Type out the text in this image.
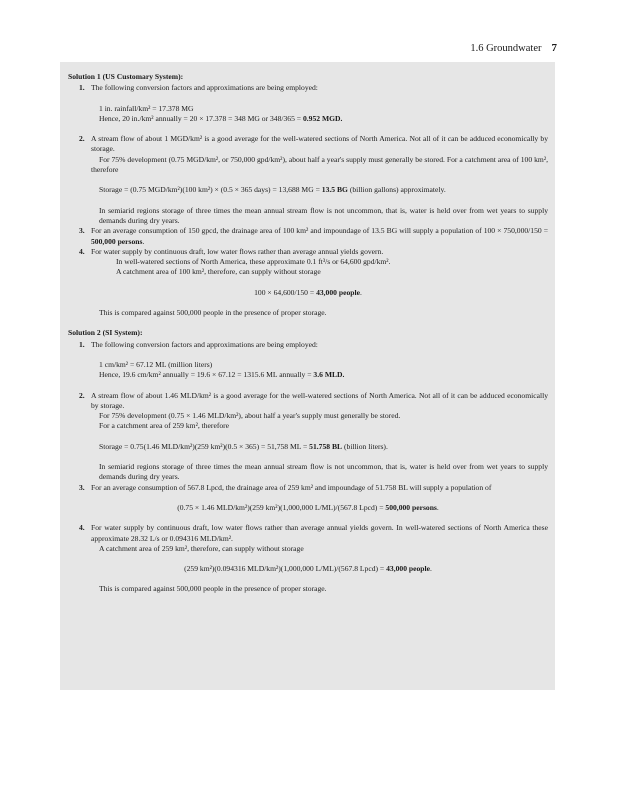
1.6 Groundwater 7

Solution 1 (US Customary System):

1. The following conversion factors and approximations are being employed:

1 in. rainfall/km² = 17.378 MG

Hence, 20 in./km² annually = 20 × 17.378 = 348 MG or 348/365 = 0.952 MGD.

2. A stream flow of about 1 MGD/km² is a good average for the well-watered sections of North America. Not all of it can be adduced economically by storage.

For 75% development (0.75 MGD/km², or 750,000 gpd/km²), about half a year's supply must generally be stored. For a catchment area of 100 km², therefore

Storage = (0.75 MGD/km²)(100 km²) × (0.5 × 365 days) = 13,688 MG = 13.5 BG (billion gallons) approximately.

In semiarid regions storage of three times the mean annual stream flow is not uncommon, that is, water is held over from wet years to supply demands during dry years.

3. For an average consumption of 150 gpcd, the drainage area of 100 km² and impoundage of 13.5 BG will supply a population of 100 × 750,000/150 = 500,000 persons.

4. For water supply by continuous draft, low water flows rather than average annual yields govern.

In well-watered sections of North America, these approximate 0.1 ft³/s or 64,600 gpd/km².

A catchment area of 100 km², therefore, can supply without storage

100 × 64,600/150 = 43,000 people.

This is compared against 500,000 people in the presence of proper storage.

Solution 2 (SI System):

1. The following conversion factors and approximations are being employed:

1 cm/km² = 67.12 ML (million liters)

Hence, 19.6 cm/km² annually = 19.6 × 67.12 = 1315.6 ML annually = 3.6 MLD.

2. A stream flow of about 1.46 MLD/km² is a good average for the well-watered sections of North America. Not all of it can be adduced economically by storage.

For 75% development (0.75 × 1.46 MLD/km²), about half a year's supply must generally be stored.

For a catchment area of 259 km², therefore

Storage = 0.75(1.46 MLD/km²)(259 km²)(0.5 × 365) = 51,758 ML = 51.758 BL (billion liters).

In semiarid regions storage of three times the mean annual stream flow is not uncommon, that is, water is held over from wet years to supply demands during dry years.

3. For an average consumption of 567.8 Lpcd, the drainage area of 259 km² and impoundage of 51.758 BL will supply a population of

(0.75 × 1.46 MLD/km²)(259 km²)(1,000,000 L/ML)/(567.8 Lpcd) = 500,000 persons.

4. For water supply by continuous draft, low water flows rather than average annual yields govern. In well-watered sections of North America these approximate 28.32 L/s or 0.094316 MLD/km².

A catchment area of 259 km², therefore, can supply without storage

(259 km²)(0.094316 MLD/km²)(1,000,000 L/ML)/(567.8 Lpcd) = 43,000 people.

This is compared against 500,000 people in the presence of proper storage.
